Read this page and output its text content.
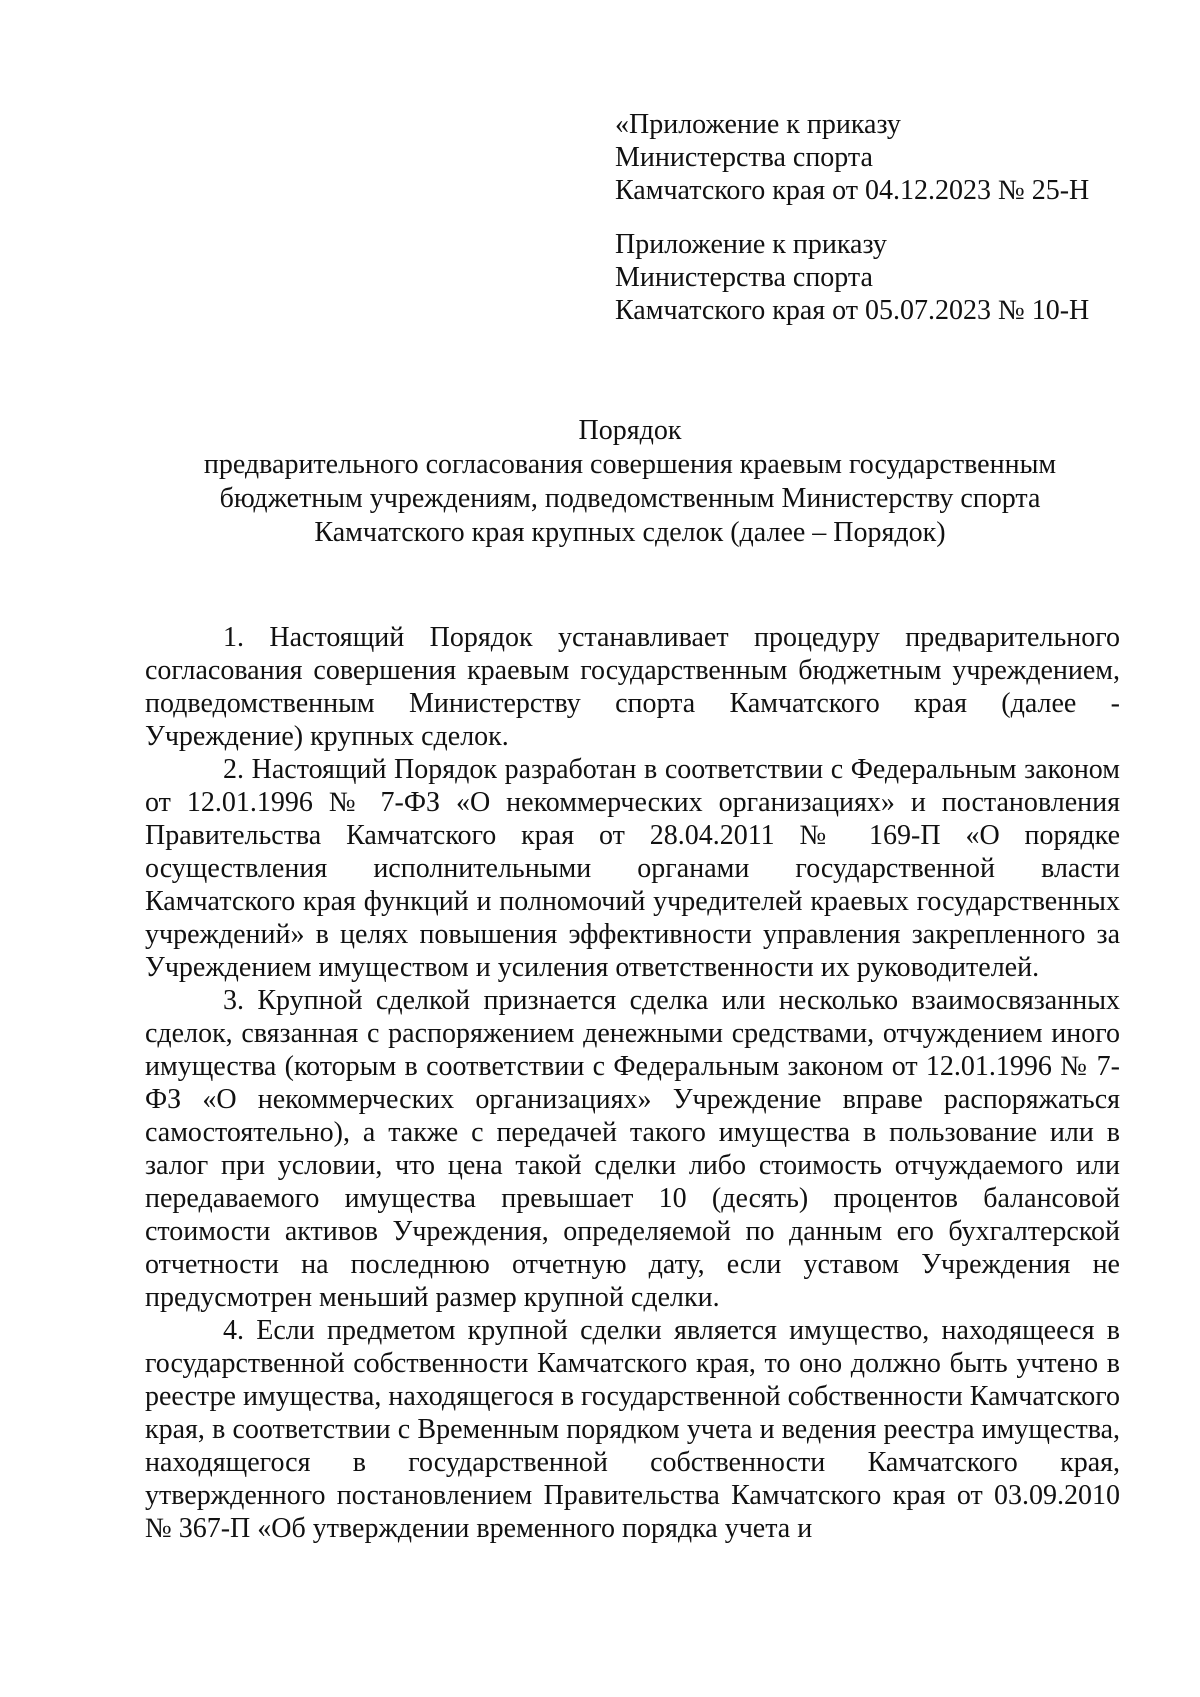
«Приложение к приказу

Министерства спорта

Камчатского края от 04.12.2023 № 25-Н

Приложение к приказу

Министерства спорта

Камчатского края от 05.07.2023 № 10-Н

Порядок

предварительного согласования совершения краевым государственным

бюджетным учреждениям, подведомственным Министерству спорта

Камчатского края крупных сделок (далее – Порядок)

1. Настоящий Порядок устанавливает процедуру предварительного согласования совершения краевым государственным бюджетным учреждением, подведомственным Министерству спорта Камчатского края (далее - Учреждение) крупных сделок.

2. Настоящий Порядок разработан в соответствии с Федеральным законом от 12.01.1996 № 7-ФЗ «О некоммерческих организациях» и постановления Правительства Камчатского края от 28.04.2011 № 169-П «О порядке осуществления исполнительными органами государственной власти Камчатского края функций и полномочий учредителей краевых государственных учреждений» в целях повышения эффективности управления закрепленного за Учреждением имуществом и усиления ответственности их руководителей.

3. Крупной сделкой признается сделка или несколько взаимосвязанных сделок, связанная с распоряжением денежными средствами, отчуждением иного имущества (которым в соответствии с Федеральным законом от 12.01.1996 № 7-ФЗ «О некоммерческих организациях» Учреждение вправе распоряжаться самостоятельно), а также с передачей такого имущества в пользование или в залог при условии, что цена такой сделки либо стоимость отчуждаемого или передаваемого имущества превышает 10 (десять) процентов балансовой стоимости активов Учреждения, определяемой по данным его бухгалтерской отчетности на последнюю отчетную дату, если уставом Учреждения не предусмотрен меньший размер крупной сделки.

4. Если предметом крупной сделки является имущество, находящееся в государственной собственности Камчатского края, то оно должно быть учтено в реестре имущества, находящегося в государственной собственности Камчатского края, в соответствии с Временным порядком учета и ведения реестра имущества, находящегося в государственной собственности Камчатского края, утвержденного постановлением Правительства Камчатского края от 03.09.2010 № 367-П «Об утверждении временного порядка учета и
